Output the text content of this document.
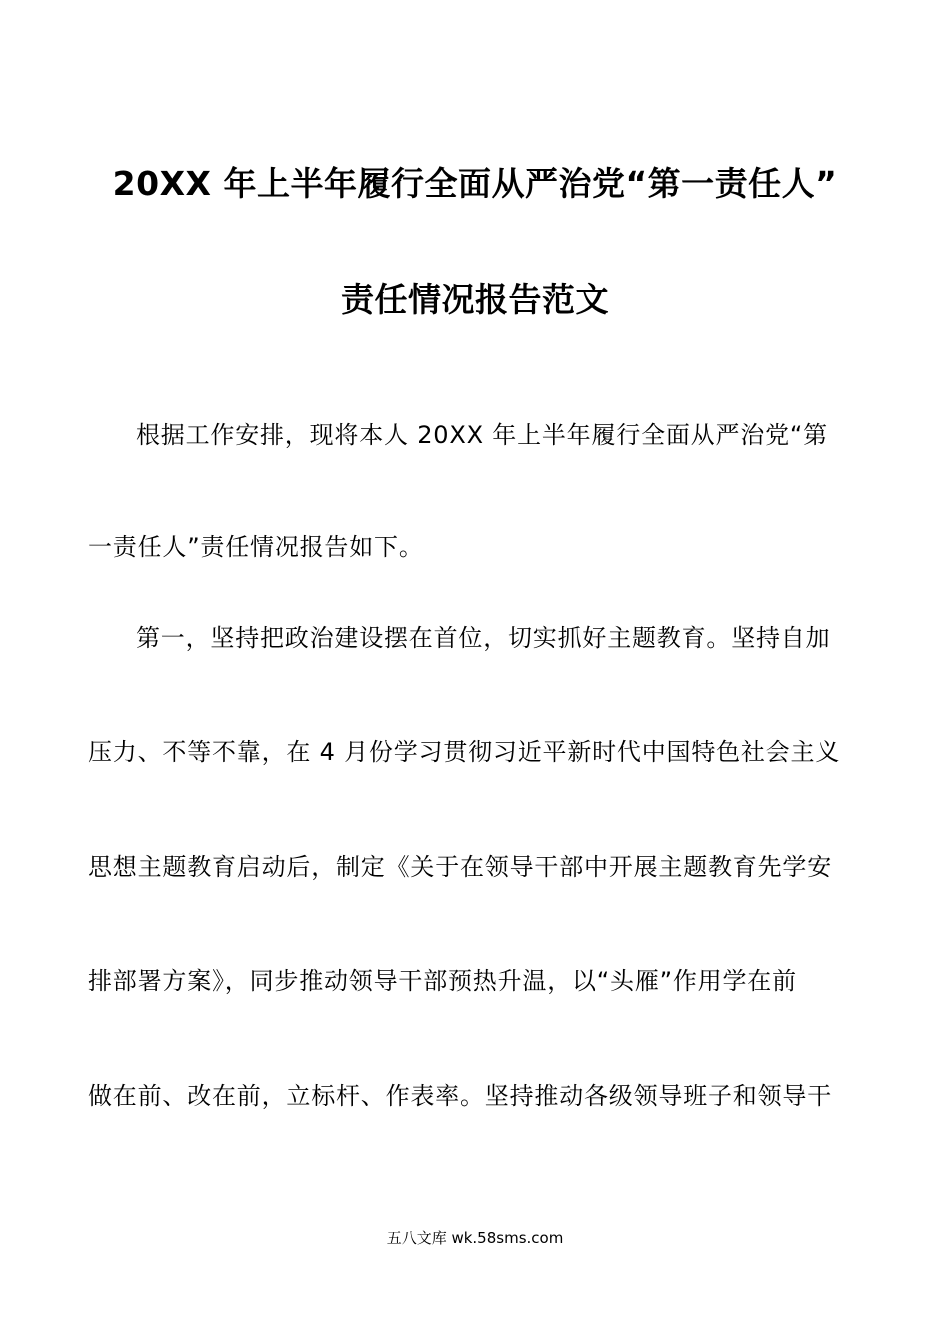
20XX 年上半年履行全面从严治党“第一责任人”
责任情况报告范文
根据工作安排，现将本人 20XX 年上半年履行全面从严治党“第
一责任人”责任情况报告如下。
第一，坚持把政治建设摆在首位，切实抓好主题教育。坚持自加
压力、不等不靠，在 4 月份学习贯彻习近平新时代中国特色社会主义
思想主题教育启动后，制定《关于在领导干部中开展主题教育先学安
排部署方案》，同步推动领导干部预热升温，以“头雁”作用学在前
做在前、改在前，立标杆、作表率。坚持推动各级领导班子和领导干
五八文库 wk.58sms.com
